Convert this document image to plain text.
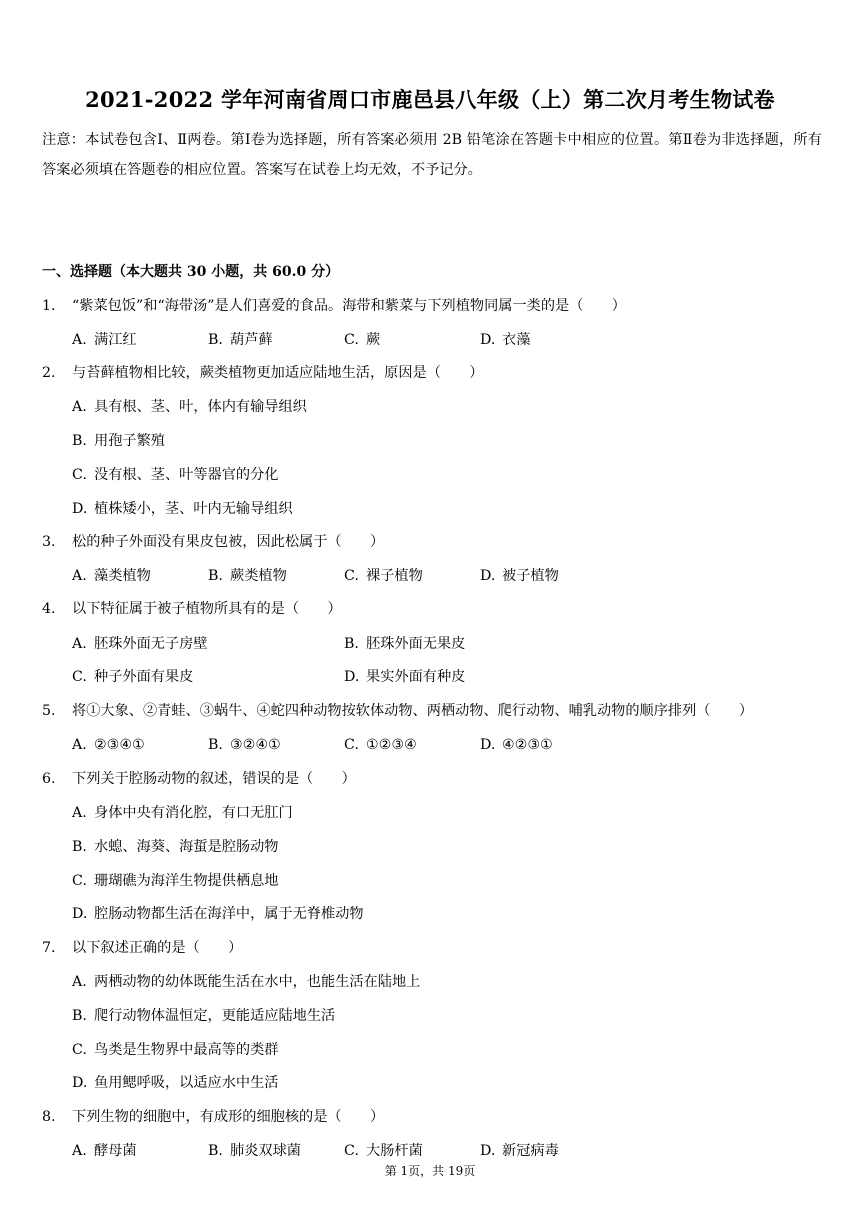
2021-2022 学年河南省周口市鹿邑县八年级（上）第二次月考生物试卷
注意：本试卷包含Ⅰ、Ⅱ两卷。第Ⅰ卷为选择题，所有答案必须用 2B 铅笔涂在答题卡中相应的位置。第Ⅱ卷为非选择题，所有答案必须填在答题卷的相应位置。答案写在试卷上均无效，不予记分。
一、选择题（本大题共 30 小题，共 60.0 分）
1. “紫菜包饭”和“海带汤”是人们喜爱的食品。海带和紫菜与下列植物同属一类的是（　　）
A. 满江红	B. 葫芦藓	C. 蕨	D. 衣藻
2. 与苔藓植物相比较，蕨类植物更加适应陆地生活，原因是（　　）
A. 具有根、茎、叶，体内有输导组织
B. 用孢子繁殖
C. 没有根、茎、叶等器官的分化
D. 植株矮小，茎、叶内无输导组织
3. 松的种子外面没有果皮包被，因此松属于（　　）
A. 藻类植物	B. 蕨类植物	C. 裸子植物	D. 被子植物
4. 以下特征属于被子植物所具有的是（　　）
A. 胚珠外面无子房壁	B. 胚珠外面无果皮
C. 种子外面有果皮	D. 果实外面有种皮
5. 将①大象、②青蛙、③蜗牛、④蛇四种动物按软体动物、两栖动物、爬行动物、哺乳动物的顺序排列（　　）
A. ②③④①	B. ③②④①	C. ①②③④	D. ④②③①
6. 下列关于腔肠动物的叙述，错误的是（　　）
A. 身体中央有消化腔，有口无肛门
B. 水螅、海葵、海蜇是腔肠动物
C. 珊瑚礁为海洋生物提供栖息地
D. 腔肠动物都生活在海洋中，属于无脊椎动物
7. 以下叙述正确的是（　　）
A. 两栖动物的幼体既能生活在水中，也能生活在陆地上
B. 爬行动物体温恒定，更能适应陆地生活
C. 鸟类是生物界中最高等的类群
D. 鱼用鳃呼吸，以适应水中生活
8. 下列生物的细胞中，有成形的细胞核的是（　　）
A. 酵母菌	B. 肺炎双球菌	C. 大肠杆菌	D. 新冠病毒
第 1页，共 19页
